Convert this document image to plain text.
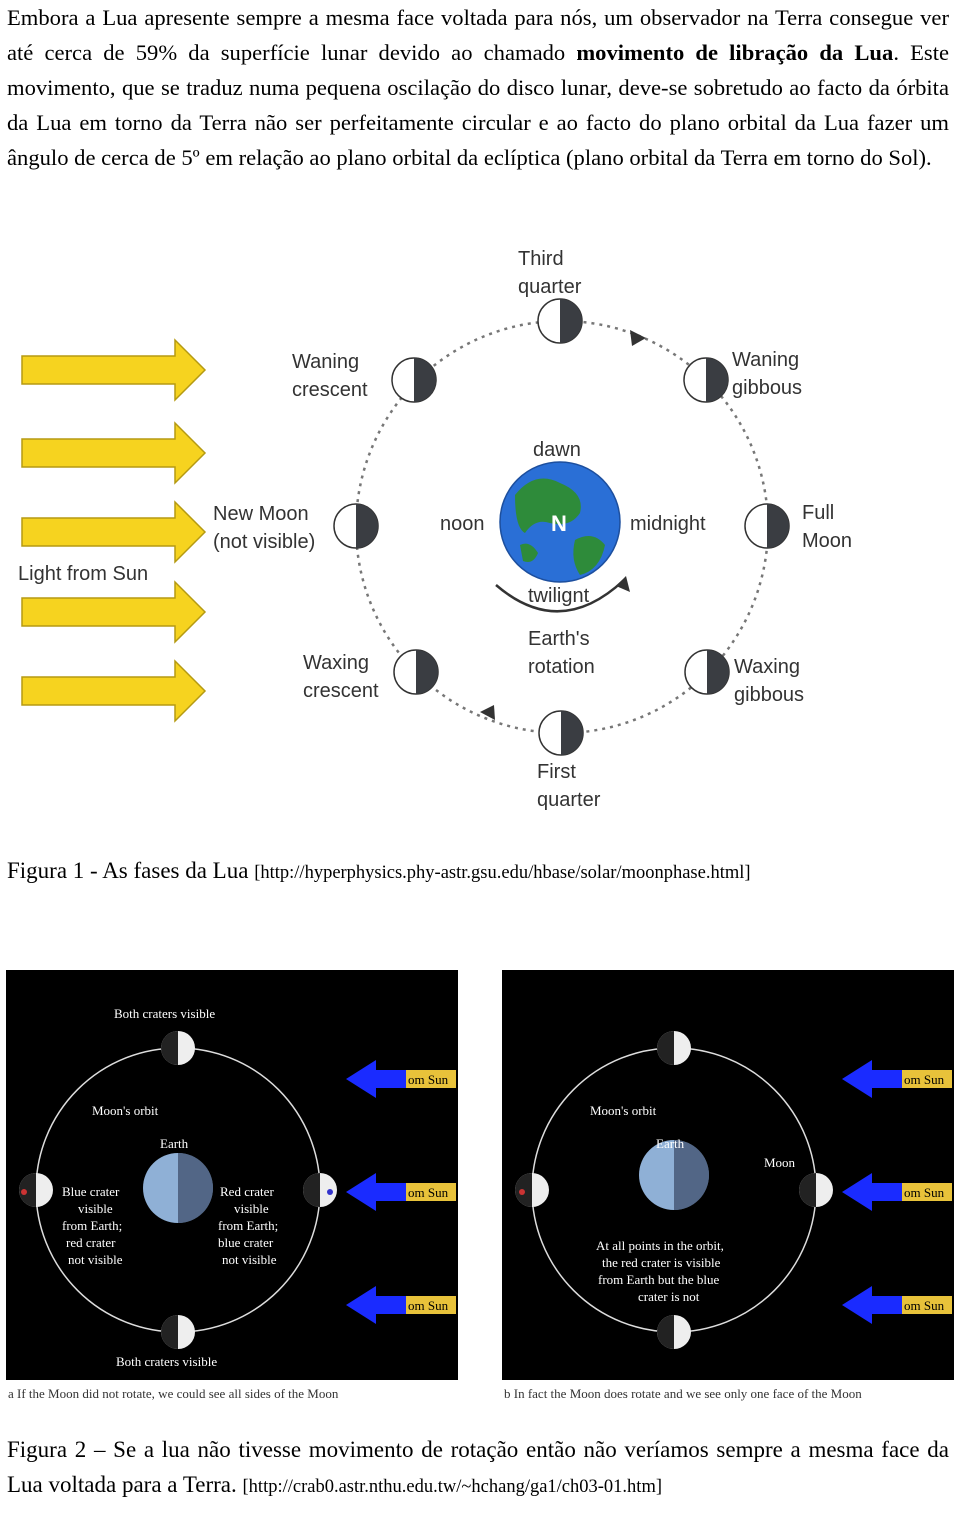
Embora a Lua apresente sempre a mesma face voltada para nós, um observador na Terra consegue ver até cerca de 59% da superfície lunar devido ao chamado movimento de libração da Lua. Este movimento, que se traduz numa pequena oscilação do disco lunar, deve-se sobretudo ao facto da órbita da Lua em torno da Terra não ser perfeitamente circular e ao facto do plano orbital da Lua fazer um ângulo de cerca de 5º em relação ao plano orbital da eclíptica (plano orbital da Terra em torno do Sol).
Light from Sun
N
Third
quarter
Waning
crescent
Waning
gibbous
New Moon
(not visible)
Full
Moon
Waxing
crescent
Waxing
gibbous
First
quarter
dawn
noon	midnight
twilignt
Earth's
rotation
Figura 1 - As fases da Lua [http://hyperphysics.phy-astr.gsu.edu/hbase/solar/moonphase.html]
om Sun
om Sun
om Sun
Both craters visible
Moon's orbit
Earth
Blue crater
visible
from Earth;
red crater
not visible
Red crater
visible
from Earth;
blue crater
not visible
Both craters visible
a If the Moon did not rotate, we could see all sides of the Moon
om Sun
om Sun
om Sun
Moon's orbit
Earth
Moon
At all points in the orbit,
the red crater is visible
from Earth but the blue
crater is not
b In fact the Moon does rotate and we see only one face of the Moon
Figura 2 – Se a lua não tivesse movimento de rotação então não veríamos sempre a mesma face da Lua voltada para a Terra. [http://crab0.astr.nthu.edu.tw/~hchang/ga1/ch03-01.htm]
